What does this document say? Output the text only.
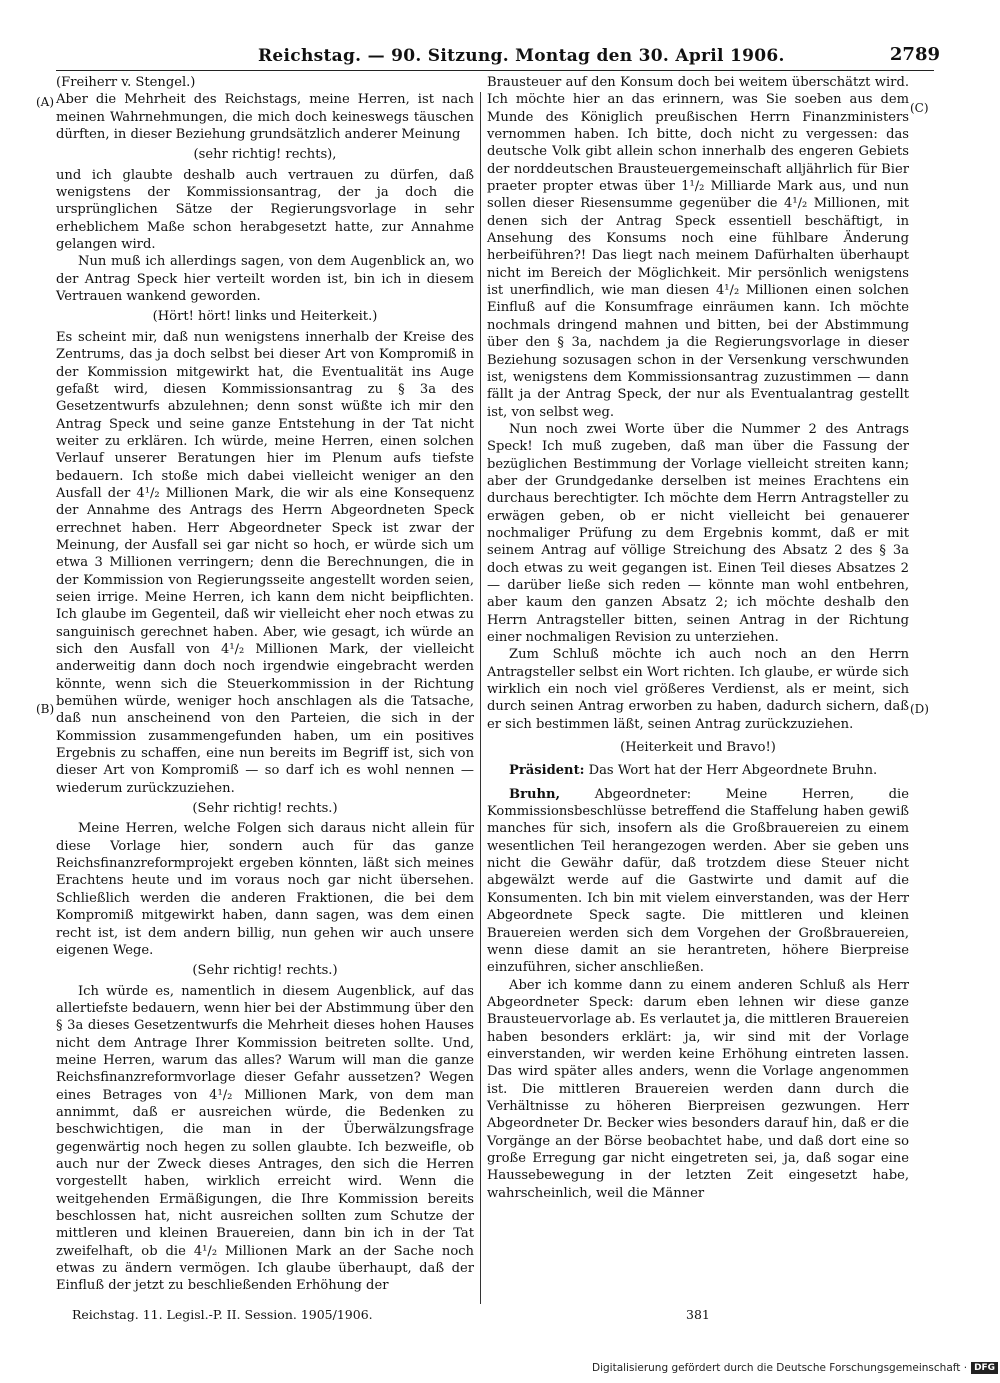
Reichstag. — 90. Sitzung. Montag den 30. April 1906.	2789
(A)
(B)
(C)
(D)

(Freiherr v. Stengel.)

Aber die Mehrheit des Reichstags, meine Herren, ist nach meinen Wahrnehmungen, die mich doch keineswegs täuschen dürften, in dieser Beziehung grundsätzlich anderer Meinung

(sehr richtig! rechts),

und ich glaubte deshalb auch vertrauen zu dürfen, daß wenigstens der Kommissionsantrag, der ja doch die ursprünglichen Sätze der Regierungsvorlage in sehr erheblichem Maße schon herabgesetzt hatte, zur Annahme gelangen wird.

Nun muß ich allerdings sagen, von dem Augenblick an, wo der Antrag Speck hier verteilt worden ist, bin ich in diesem Vertrauen wankend geworden.

(Hört! hört! links und Heiterkeit.)

Es scheint mir, daß nun wenigstens innerhalb der Kreise des Zentrums, das ja doch selbst bei dieser Art von Kompromiß in der Kommission mitgewirkt hat, die Eventualität ins Auge gefaßt wird, diesen Kommissionsantrag zu § 3a des Gesetzentwurfs abzulehnen; denn sonst wüßte ich mir den Antrag Speck und seine ganze Entstehung in der Tat nicht weiter zu erklären. Ich würde, meine Herren, einen solchen Verlauf unserer Beratungen hier im Plenum aufs tiefste bedauern. Ich stoße mich dabei vielleicht weniger an den Ausfall der 4¹/₂ Millionen Mark, die wir als eine Konsequenz der Annahme des Antrags des Herrn Abgeordneten Speck errechnet haben. Herr Abgeordneter Speck ist zwar der Meinung, der Ausfall sei gar nicht so hoch, er würde sich um etwa 3 Millionen verringern; denn die Berechnungen, die in der Kommission von Regierungsseite angestellt worden seien, seien irrige. Meine Herren, ich kann dem nicht beipflichten. Ich glaube im Gegenteil, daß wir vielleicht eher noch etwas zu sanguinisch gerechnet haben. Aber, wie gesagt, ich würde an sich den Ausfall von 4¹/₂ Millionen Mark, der vielleicht anderweitig dann doch noch irgendwie eingebracht werden könnte, wenn sich die Steuerkommission in der Richtung bemühen würde, weniger hoch anschlagen als die Tatsache, daß nun anscheinend von den Parteien, die sich in der Kommission zusammengefunden haben, um ein positives Ergebnis zu schaffen, eine nun bereits im Begriff ist, sich von dieser Art von Kompromiß — so darf ich es wohl nennen — wiederum zurückzuziehen.

(Sehr richtig! rechts.)

Meine Herren, welche Folgen sich daraus nicht allein für diese Vorlage hier, sondern auch für das ganze Reichsfinanzreformprojekt ergeben könnten, läßt sich meines Erachtens heute und im voraus noch gar nicht übersehen. Schließlich werden die anderen Fraktionen, die bei dem Kompromiß mitgewirkt haben, dann sagen, was dem einen recht ist, ist dem andern billig, nun gehen wir auch unsere eigenen Wege.

(Sehr richtig! rechts.)

Ich würde es, namentlich in diesem Augenblick, auf das allertiefste bedauern, wenn hier bei der Abstimmung über den § 3a dieses Gesetzentwurfs die Mehrheit dieses hohen Hauses nicht dem Antrage Ihrer Kommission beitreten sollte. Und, meine Herren, warum das alles? Warum will man die ganze Reichsfinanzreformvorlage dieser Gefahr aussetzen? Wegen eines Betrages von 4¹/₂ Millionen Mark, von dem man annimmt, daß er ausreichen würde, die Bedenken zu beschwichtigen, die man in der Überwälzungsfrage gegenwärtig noch hegen zu sollen glaubte. Ich bezweifle, ob auch nur der Zweck dieses Antrages, den sich die Herren vorgestellt haben, wirklich erreicht wird. Wenn die weitgehenden Ermäßigungen, die Ihre Kommission bereits beschlossen hat, nicht ausreichen sollten zum Schutze der mittleren und kleinen Brauereien, dann bin ich in der Tat zweifelhaft, ob die 4¹/₂ Millionen Mark an der Sache noch etwas zu ändern vermögen. Ich glaube überhaupt, daß der Einfluß der jetzt zu beschließenden Erhöhung der

Brausteuer auf den Konsum doch bei weitem überschätzt wird. Ich möchte hier an das erinnern, was Sie soeben aus dem Munde des Königlich preußischen Herrn Finanzministers vernommen haben. Ich bitte, doch nicht zu vergessen: das deutsche Volk gibt allein schon innerhalb des engeren Gebiets der norddeutschen Brausteuergemeinschaft alljährlich für Bier praeter propter etwas über 1¹/₂ Milliarde Mark aus, und nun sollen dieser Riesensumme gegenüber die 4¹/₂ Millionen, mit denen sich der Antrag Speck essentiell beschäftigt, in Ansehung des Konsums noch eine fühlbare Änderung herbeiführen?! Das liegt nach meinem Dafürhalten überhaupt nicht im Bereich der Möglichkeit. Mir persönlich wenigstens ist unerfindlich, wie man diesen 4¹/₂ Millionen einen solchen Einfluß auf die Konsumfrage einräumen kann. Ich möchte nochmals dringend mahnen und bitten, bei der Abstimmung über den § 3a, nachdem ja die Regierungsvorlage in dieser Beziehung sozusagen schon in der Versenkung verschwunden ist, wenigstens dem Kommissionsantrag zuzustimmen — dann fällt ja der Antrag Speck, der nur als Eventualantrag gestellt ist, von selbst weg.

Nun noch zwei Worte über die Nummer 2 des Antrags Speck! Ich muß zugeben, daß man über die Fassung der bezüglichen Bestimmung der Vorlage vielleicht streiten kann; aber der Grundgedanke derselben ist meines Erachtens ein durchaus berechtigter. Ich möchte dem Herrn Antragsteller zu erwägen geben, ob er nicht vielleicht bei genauerer nochmaliger Prüfung zu dem Ergebnis kommt, daß er mit seinem Antrag auf völlige Streichung des Absatz 2 des § 3a doch etwas zu weit gegangen ist. Einen Teil dieses Absatzes 2 — darüber ließe sich reden — könnte man wohl entbehren, aber kaum den ganzen Absatz 2; ich möchte deshalb den Herrn Antragsteller bitten, seinen Antrag in der Richtung einer nochmaligen Revision zu unterziehen.

Zum Schluß möchte ich auch noch an den Herrn Antragsteller selbst ein Wort richten. Ich glaube, er würde sich wirklich ein noch viel größeres Verdienst, als er meint, sich durch seinen Antrag erworben zu haben, dadurch sichern, daß er sich bestimmen läßt, seinen Antrag zurückzuziehen.

(Heiterkeit und Bravo!)

Präsident: Das Wort hat der Herr Abgeordnete Bruhn.

Bruhn, Abgeordneter: Meine Herren, die Kommissionsbeschlüsse betreffend die Staffelung haben gewiß manches für sich, insofern als die Großbrauereien zu einem wesentlichen Teil herangezogen werden. Aber sie geben uns nicht die Gewähr dafür, daß trotzdem diese Steuer nicht abgewälzt werde auf die Gastwirte und damit auf die Konsumenten. Ich bin mit vielem einverstanden, was der Herr Abgeordnete Speck sagte. Die mittleren und kleinen Brauereien werden sich dem Vorgehen der Großbrauereien, wenn diese damit an sie herantreten, höhere Bierpreise einzuführen, sicher anschließen.

Aber ich komme dann zu einem anderen Schluß als Herr Abgeordneter Speck: darum eben lehnen wir diese ganze Brausteuervorlage ab. Es verlautet ja, die mittleren Brauereien haben besonders erklärt: ja, wir sind mit der Vorlage einverstanden, wir werden keine Erhöhung eintreten lassen. Das wird später alles anders, wenn die Vorlage angenommen ist. Die mittleren Brauereien werden dann durch die Verhältnisse zu höheren Bierpreisen gezwungen. Herr Abgeordneter Dr. Becker wies besonders darauf hin, daß er die Vorgänge an der Börse beobachtet habe, und daß dort eine so große Erregung gar nicht eingetreten sei, ja, daß sogar eine Haussebewegung in der letzten Zeit eingesetzt habe, wahrscheinlich, weil die Männer

Reichstag. 11. Legisl.-P. II. Session. 1905/1906.	381
Digitalisierung gefördert durch die Deutsche Forschungsgemeinschaft · DFG
